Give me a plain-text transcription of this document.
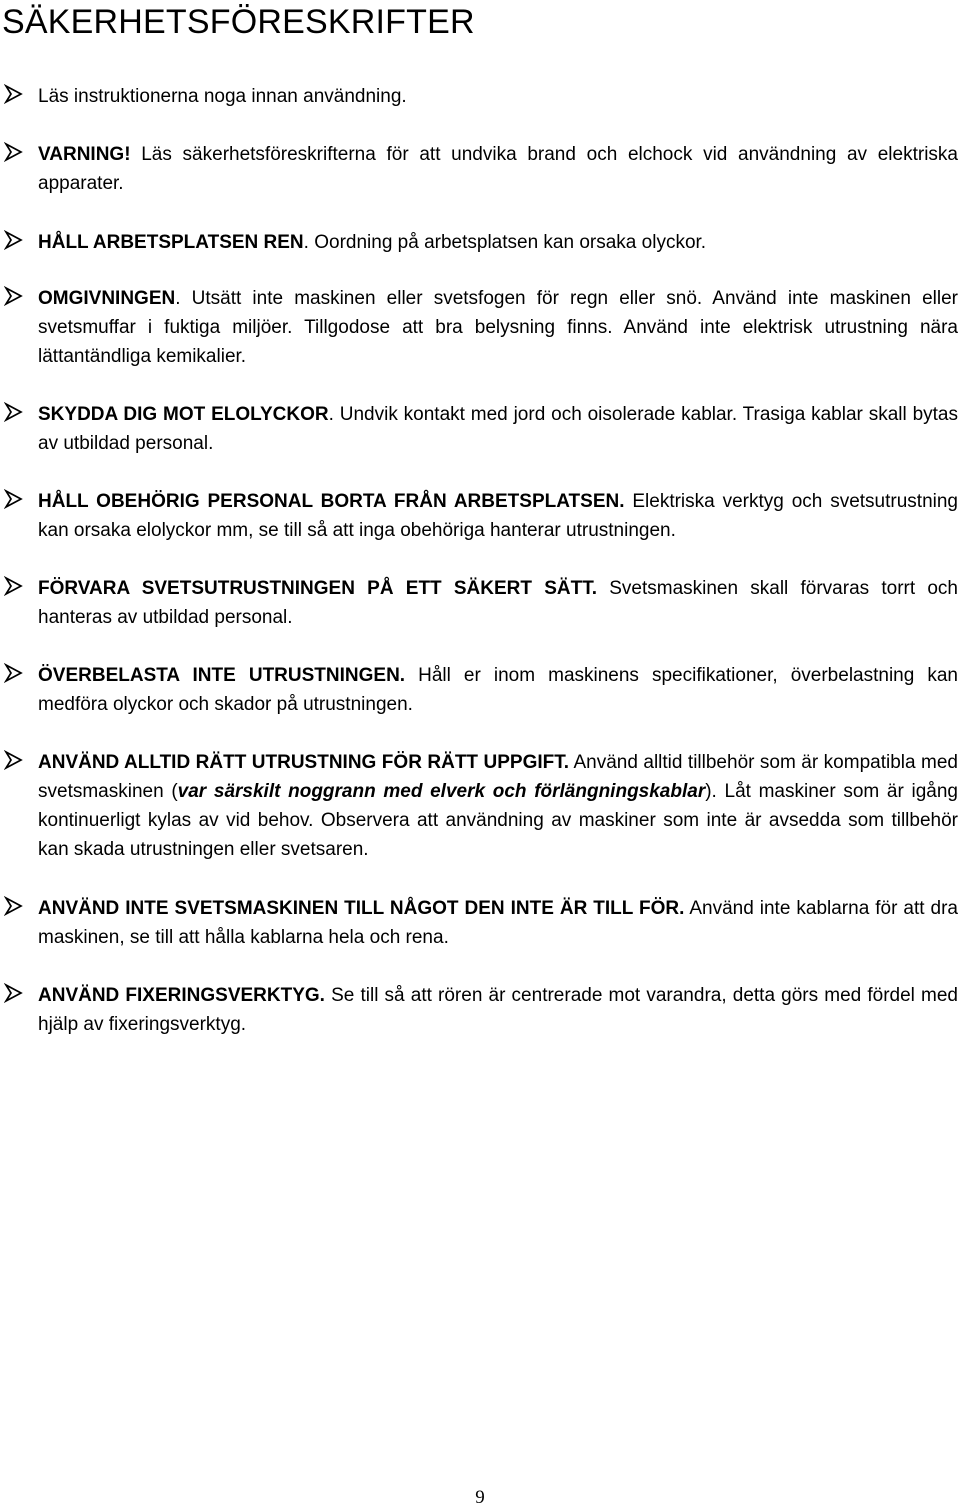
SÄKERHETSFÖRESKRIFTER

Läs instruktionerna noga innan användning.

VARNING! Läs säkerhetsföreskrifterna för att undvika brand och elchock vid användning av elektriska apparater.

HÅLL ARBETSPLATSEN REN. Oordning på arbetsplatsen kan orsaka olyckor.

OMGIVNINGEN. Utsätt inte maskinen eller svetsfogen för regn eller snö. Använd inte maskinen eller svetsmuffar i fuktiga miljöer. Tillgodose att bra belysning finns. Använd inte elektrisk utrustning nära lättantändliga kemikalier.

SKYDDA DIG MOT ELOLYCKOR. Undvik kontakt med jord och oisolerade kablar. Trasiga kablar skall bytas av utbildad personal.

HÅLL OBEHÖRIG PERSONAL BORTA FRÅN ARBETSPLATSEN. Elektriska verktyg och svetsutrustning kan orsaka elolyckor mm, se till så att inga obehöriga hanterar utrustningen.

FÖRVARA SVETSUTRUSTNINGEN PÅ ETT SÄKERT SÄTT. Svetsmaskinen skall förvaras torrt och hanteras av utbildad personal.

ÖVERBELASTA INTE UTRUSTNINGEN. Håll er inom maskinens specifikationer, överbelastning kan medföra olyckor och skador på utrustningen.

ANVÄND ALLTID RÄTT UTRUSTNING FÖR RÄTT UPPGIFT. Använd alltid tillbehör som är kompatibla med svetsmaskinen (var särskilt noggrann med elverk och förlängningskablar). Låt maskiner som är igång kontinuerligt kylas av vid behov. Observera att användning av maskiner som inte är avsedda som tillbehör kan skada utrustningen eller svetsaren.

ANVÄND INTE SVETSMASKINEN TILL NÅGOT DEN INTE ÄR TILL FÖR. Använd inte kablarna för att dra maskinen, se till att hålla kablarna hela och rena.

ANVÄND FIXERINGSVERKTYG. Se till så att rören är centrerade mot varandra, detta görs med fördel med hjälp av fixeringsverktyg.

9
